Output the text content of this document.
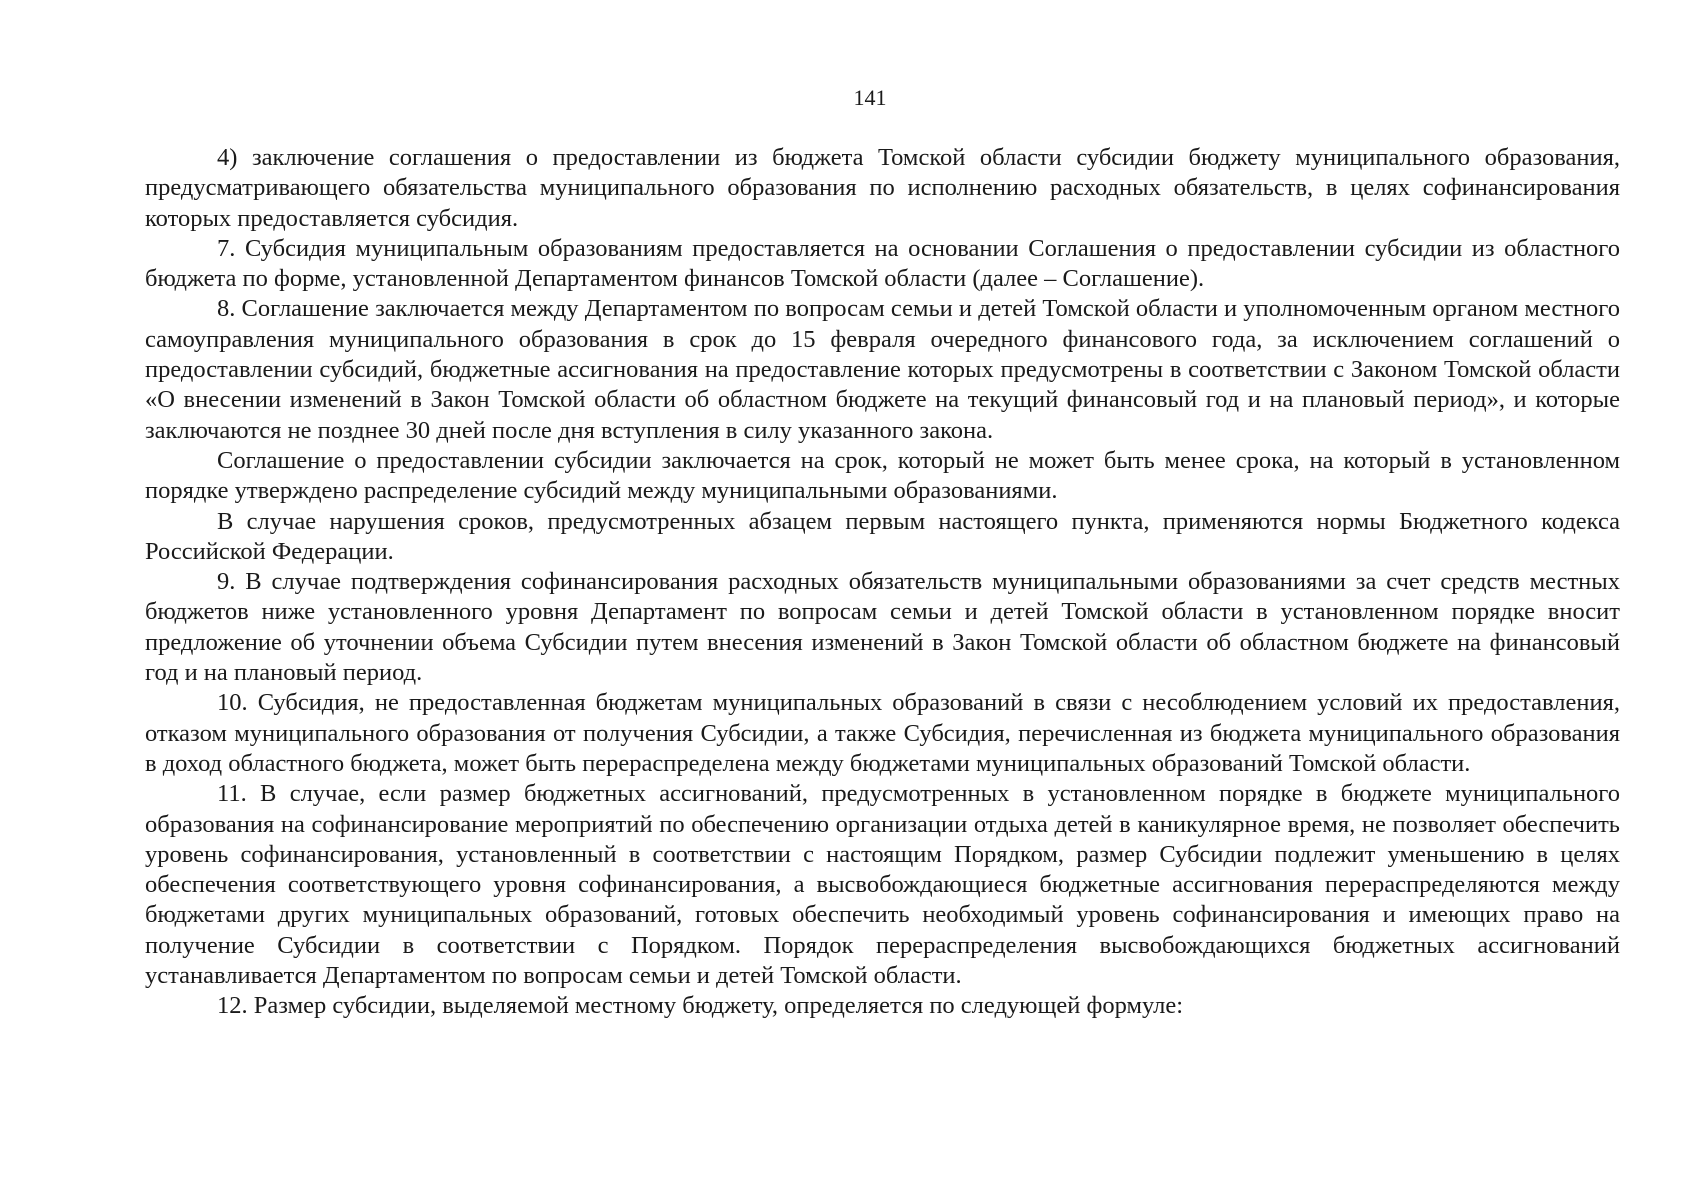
141

4) заключение соглашения о предоставлении из бюджета Томской области субсидии бюджету муниципального образования, предусматривающего обязательства муниципального образования по исполнению расходных обязательств, в целях софинансирования которых предоставляется субсидия.

7. Субсидия муниципальным образованиям предоставляется на основании Соглашения о предоставлении субсидии из областного бюджета по форме, установленной Департаментом финансов Томской области (далее – Соглашение).

8. Соглашение заключается между Департаментом по вопросам семьи и детей Томской области и уполномоченным органом местного самоуправления муниципального образования в срок до 15 февраля очередного финансового года, за исключением соглашений о предоставлении субсидий, бюджетные ассигнования на предоставление которых предусмотрены в соответствии с Законом Томской области «О внесении изменений в Закон Томской области об областном бюджете на текущий финансовый год и на плановый период», и которые заключаются не позднее 30 дней после дня вступления в силу указанного закона.

Соглашение о предоставлении субсидии заключается на срок, который не может быть менее срока, на который в установленном порядке утверждено распределение субсидий между муниципальными образованиями.

В случае нарушения сроков, предусмотренных абзацем первым настоящего пункта, применяются нормы Бюджетного кодекса Российской Федерации.

9. В случае подтверждения софинансирования расходных обязательств муниципальными образованиями за счет средств местных бюджетов ниже установленного уровня Департамент по вопросам семьи и детей Томской области в установленном порядке вносит предложение об уточнении объема Субсидии путем внесения изменений в Закон Томской области об областном бюджете на финансовый год и на плановый период.

10. Субсидия, не предоставленная бюджетам муниципальных образований в связи с несоблюдением условий их предоставления, отказом муниципального образования от получения Субсидии, а также Субсидия, перечисленная из бюджета муниципального образования в доход областного бюджета, может быть перераспределена между бюджетами муниципальных образований Томской области.

11. В случае, если размер бюджетных ассигнований, предусмотренных в установленном порядке в бюджете муниципального образования на софинансирование мероприятий по обеспечению организации отдыха детей в каникулярное время, не позволяет обеспечить уровень софинансирования, установленный в соответствии с настоящим Порядком, размер Субсидии подлежит уменьшению в целях обеспечения соответствующего уровня софинансирования, а высвобождающиеся бюджетные ассигнования перераспределяются между бюджетами других муниципальных образований, готовых обеспечить необходимый уровень софинансирования и имеющих право на получение Субсидии в соответствии с Порядком. Порядок перераспределения высвобождающихся бюджетных ассигнований устанавливается Департаментом по вопросам семьи и детей Томской области.

12. Размер субсидии, выделяемой местному бюджету, определяется по следующей формуле:
